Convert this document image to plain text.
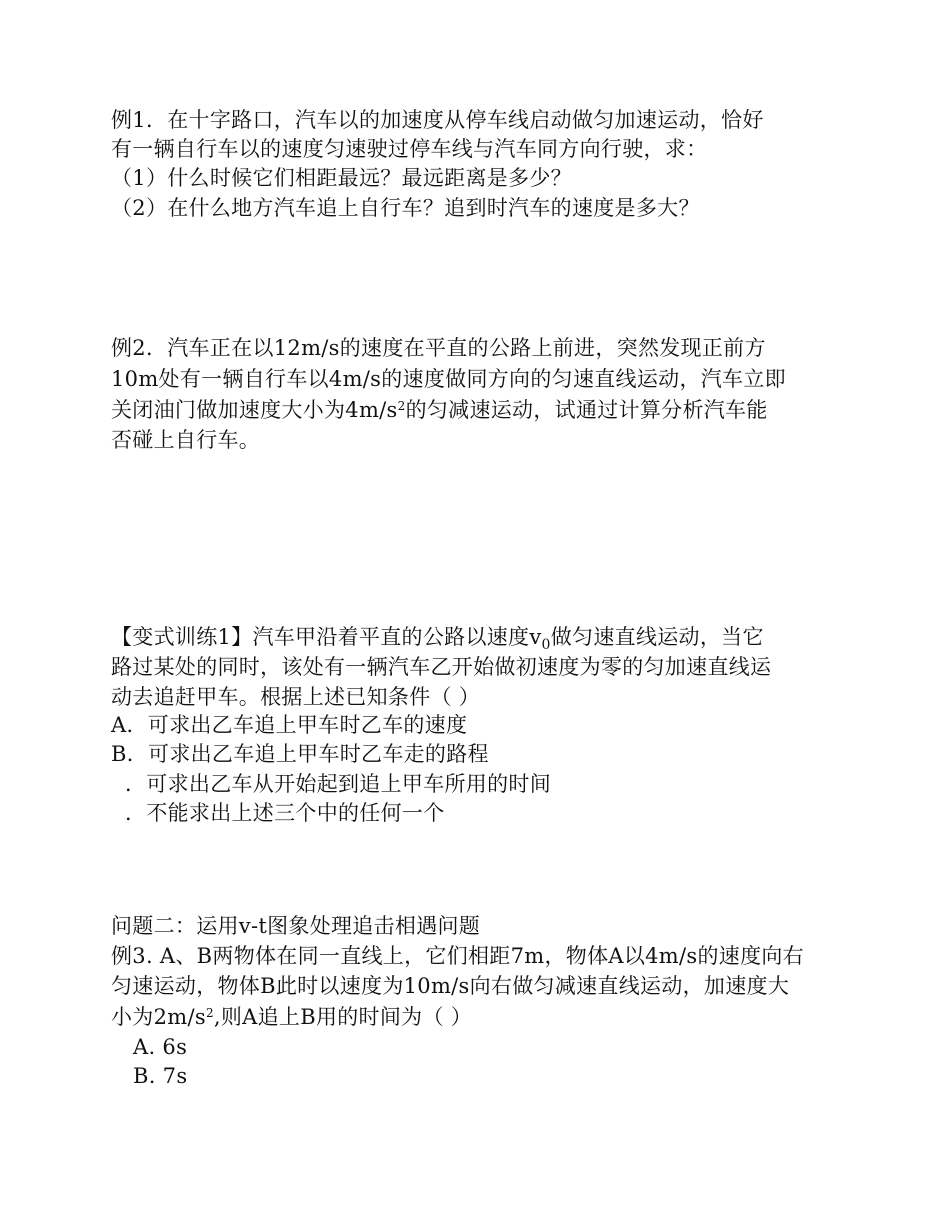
例1．在十字路口，汽车以的加速度从停车线启动做匀加速运动，恰好
有一辆自行车以的速度匀速驶过停车线与汽车同方向行驶，求：
（1）什么时候它们相距最远？最远距离是多少？
（2）在什么地方汽车追上自行车？追到时汽车的速度是多大？
例2．汽车正在以12m/s的速度在平直的公路上前进，突然发现正前方
10m处有一辆自行车以4m/s的速度做同方向的匀速直线运动，汽车立即
关闭油门做加速度大小为$4m/s^2$的匀减速运动，试通过计算分析汽车能
否碰上自行车。
【变式训练1】汽车甲沿着平直的公路以速度$v_0$做匀速直线运动，当它
路过某处的同时，该处有一辆汽车乙开始做初速度为零的匀加速直线运
动去追赶甲车。根据上述已知条件（ ）
A．可求出乙车追上甲车时乙车的速度
B．可求出乙车追上甲车时乙车走的路程
．可求出乙车从开始起到追上甲车所用的时间
．不能求出上述三个中的任何一个
问题二：运用v-t图象处理追击相遇问题
例3. A、B两物体在同一直线上，它们相距7m，物体A以4m/s的速度向右
匀速运动，物体B此时以速度为10m/s向右做匀减速直线运动，加速度大
小为$2m/s^2$,则A追上B用的时间为（ ）
A. 6s
B. 7s
